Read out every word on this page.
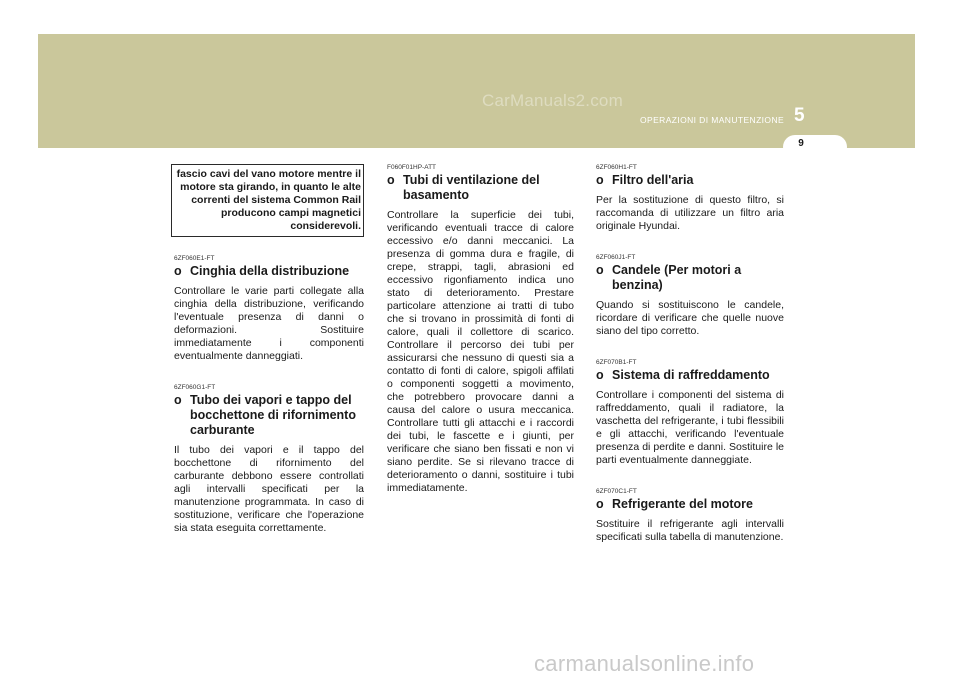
CarManuals2.com
OPERAZIONI DI MANUTENZIONE 5
9
fascio cavi del vano motore mentre il motore sta girando, in quanto le alte correnti del sistema Common Rail producono campi magnetici considerevoli.
6ZF060E1-FT
o Cinghia della distribuzione
Controllare le varie parti collegate alla cinghia della distribuzione, verificando l'eventuale presenza di danni o deformazioni. Sostituire immediatamente i componenti eventualmente danneggiati.
6ZF060G1-FT
o Tubo dei vapori e tappo del bocchettone di rifornimento carburante
Il tubo dei vapori e il tappo del bocchettone di rifornimento del carburante debbono essere controllati agli intervalli specificati per la manutenzione programmata. In caso di sostituzione, verificare che l'operazione sia stata eseguita correttamente.
F060F01HP-ATT
o Tubi di ventilazione del basamento
Controllare la superficie dei tubi, verificando eventuali tracce di calore eccessivo e/o danni meccanici. La presenza di gomma dura e fragile, di crepe, strappi, tagli, abrasioni ed eccessivo rigonfiamento indica uno stato di deterioramento. Prestare particolare attenzione ai tratti di tubo che si trovano in prossimità di fonti di calore, quali il collettore di scarico. Controllare il percorso dei tubi per assicurarsi che nessuno di questi sia a contatto di fonti di calore, spigoli affilati o componenti soggetti a movimento, che potrebbero provocare danni a causa del calore o usura meccanica. Controllare tutti gli attacchi e i raccordi dei tubi, le fascette e i giunti, per verificare che siano ben fissati e non vi siano perdite. Se si rilevano tracce di deterioramento o danni, sostituire i tubi immediatamente.
6ZF060H1-FT
o Filtro dell'aria
Per la sostituzione di questo filtro, si raccomanda di utilizzare un filtro aria originale Hyundai.
6ZF060J1-FT
o Candele (Per motori a benzina)
Quando si sostituiscono le candele, ricordare di verificare che quelle nuove siano del tipo corretto.
6ZF070B1-FT
o Sistema di raffreddamento
Controllare i componenti del sistema di raffreddamento, quali il radiatore, la vaschetta del refrigerante, i tubi flessibili e gli attacchi, verificando l'eventuale presenza di perdite e danni. Sostituire le parti eventualmente danneggiate.
6ZF070C1-FT
o Refrigerante del motore
Sostituire il refrigerante agli intervalli specificati sulla tabella di manutenzione.
carmanualsonline.info
